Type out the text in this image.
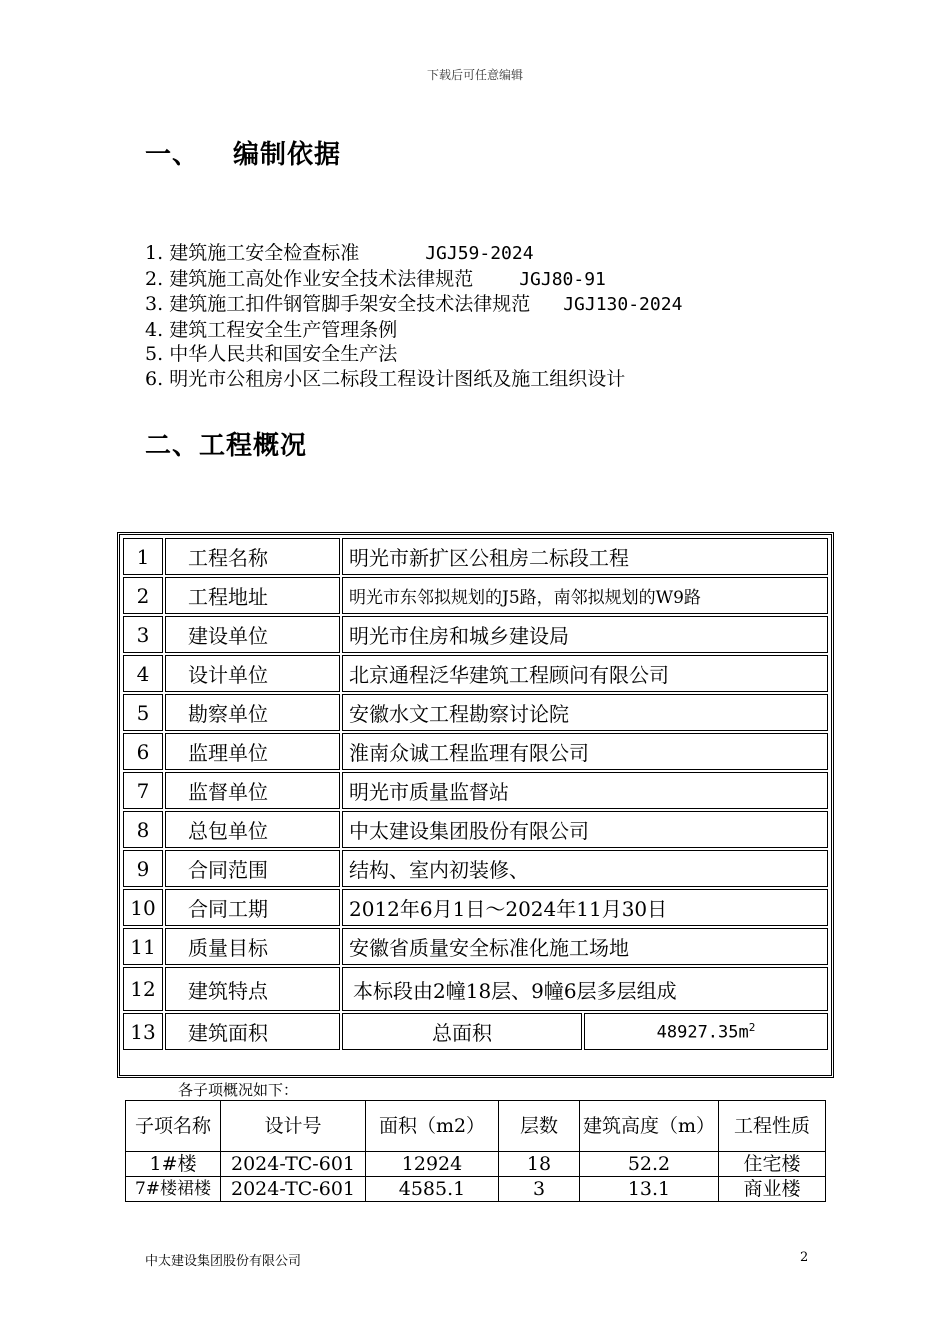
下载后可任意编辑
一、 编制依据
1. 建筑施工安全检查标准	JGJ59-2024
2. 建筑施工高处作业安全技术法律规范	JGJ80-91
3. 建筑施工扣件钢管脚手架安全技术法律规范 JGJ130-2024
4. 建筑工程安全生产管理条例
5. 中华人民共和国安全生产法
6. 明光市公租房小区二标段工程设计图纸及施工组织设计
二、工程概况
1	工程名称	明光市新扩区公租房二标段工程	
2	工程地址	明光市东邻拟规划的J5路，南邻拟规划的W9路	
3	建设单位	明光市住房和城乡建设局	
4	设计单位	北京通程泛华建筑工程顾问有限公司	
5	勘察单位	安徽水文工程勘察讨论院	
6	监理单位	淮南众诚工程监理有限公司	
7	监督单位	明光市质量监督站	
8	总包单位	中太建设集团股份有限公司	
9	合同范围	结构、室内初装修、	
10	合同工期	2012年6月1日～2024年11月30日	
11	质量目标	安徽省质量安全标准化施工场地	
12	建筑特点	本标段由2幢18层、9幢6层多层组成	
13	建筑面积	总面积	$48927.35m^2$
各子项概况如下：
子项名称	设计号	面积（m2）	层数	建筑高度（m）	工程性质
1#楼	2024-TC-601	12924	18	52.2	住宅楼
7#楼裙楼	2024-TC-601	4585.1	3	13.1	商业楼
中太建设集团股份有限公司	2
